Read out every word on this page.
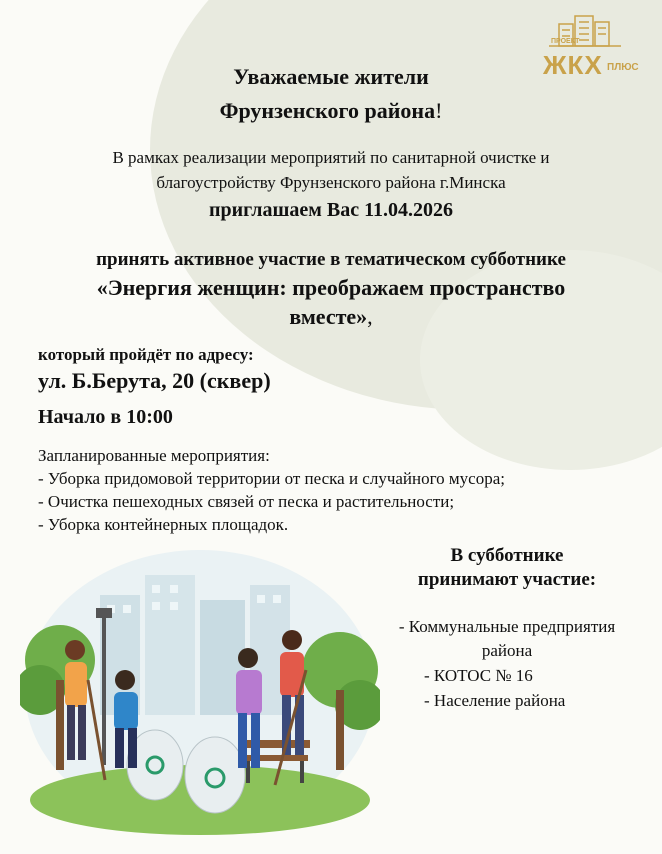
ПРОЕКТ
ЖКХ ПЛЮС
Уважаемые жители
Фрунзенского района!
В рамках реализации мероприятий по санитарной очистке и
благоустройству Фрунзенского района г.Минска
приглашаем Вас 11.04.2026
принять активное участие в тематическом субботнике
«Энергия женщин: преображаем пространство
вместе»,
который пройдёт по адресу:
ул. Б.Берута, 20 (сквер)
Начало в 10:00
Запланированные мероприятия:
- Уборка придомовой территории от песка и случайного мусора;
- Очистка пешеходных связей от песка и растительности;
- Уборка контейнерных площадок.
В субботнике
принимают участие:
- Коммунальные предприятия
района
- КОТОС № 16
- Население района
